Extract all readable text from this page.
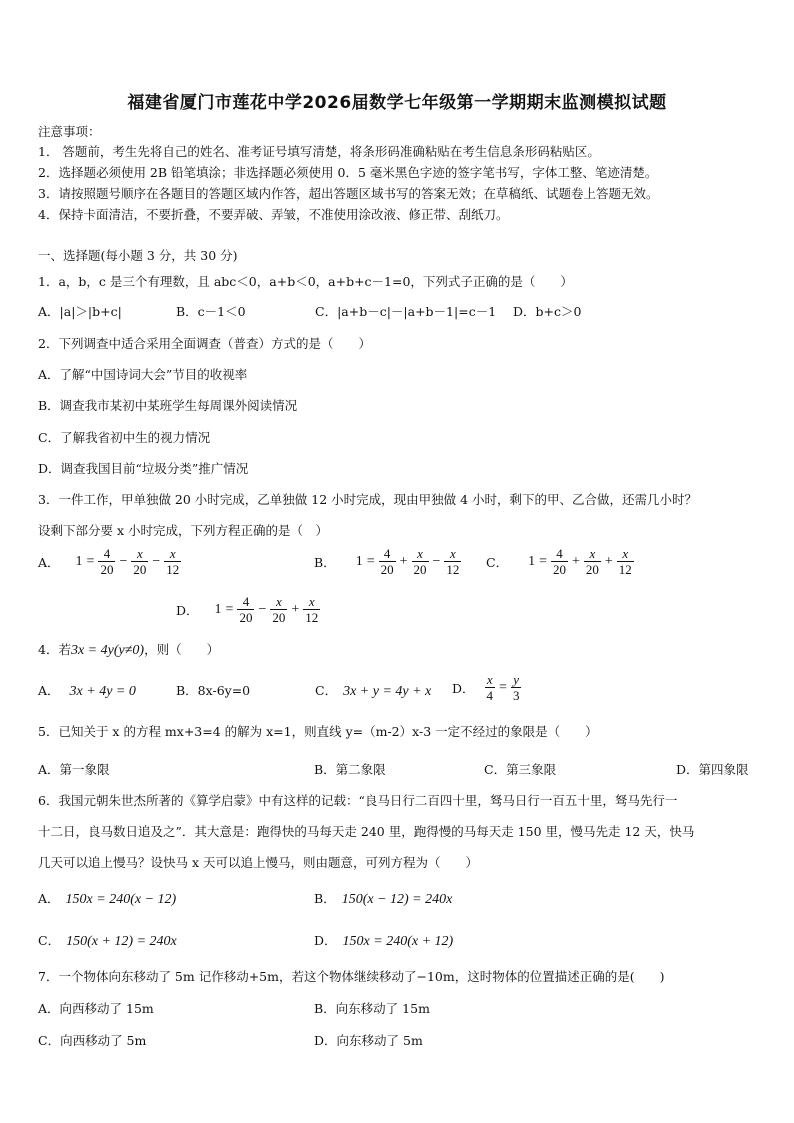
福建省厦门市莲花中学2026届数学七年级第一学期期末监测模拟试题
注意事项：
1． 答题前，考生先将自己的姓名、准考证号填写清楚，将条形码准确粘贴在考生信息条形码粘贴区。
2．选择题必须使用 2B 铅笔填涂；非选择题必须使用 0．5 毫米黑色字迹的签字笔书写，字体工整、笔迹清楚。
3．请按照题号顺序在各题目的答题区域内作答，超出答题区域书写的答案无效；在草稿纸、试题卷上答题无效。
4．保持卡面清洁，不要折叠，不要弄破、弄皱，不准使用涂改液、修正带、刮纸刀。
一、选择题(每小题 3 分，共 30 分)
1．a，b，c 是三个有理数，且 abc＜0，a+b＜0，a+b+c－1=0，下列式子正确的是（　　）
A．|a|＞|b+c|	B．c－1＜0	C．|a+b－c|－|a+b－1|=c－1 D．b+c＞0
2．下列调查中适合采用全面调查（普查）方式的是（　　）
A．了解“中国诗词大会”节目的收视率
B．调查我市某初中某班学生每周课外阅读情况
C．了解我省初中生的视力情况
D．调查我国目前“垃圾分类”推广情况
3．一件工作，甲单独做 20 小时完成，乙单独做 12 小时完成，现由甲独做 4 小时，剩下的甲、乙合做，还需几小时？
设剩下部分要 x 小时完成，下列方程正确的是（　）
A． $1 = \frac{4}{20} - \frac{x}{20} - \frac{x}{12}$	B． $1 = \frac{4}{20} + \frac{x}{20} - \frac{x}{12}$ C． $1 = \frac{4}{20} + \frac{x}{20} + \frac{x}{12}$
D． $1 = \frac{4}{20} - \frac{x}{20} + \frac{x}{12}$
4．若3x = 4y(y≠0)，则（　　）
A． 3x + 4y = 0	B．8x-6y=0	C． 3x + y = 4y + x D． $\frac{x}{4} = \frac{y}{3}$
5．已知关于 x 的方程 mx+3=4 的解为 x=1，则直线 y=（m-2）x-3 一定不经过的象限是（　　）
A．第一象限	B．第二象限	C．第三象限	D．第四象限
6．我国元朝朱世杰所著的《算学启蒙》中有这样的记载：“良马日行二百四十里，驽马日行一百五十里，驽马先行一
十二日，良马数日追及之”．其大意是：跑得快的马每天走 240 里，跑得慢的马每天走 150 里，慢马先走 12 天，快马
几天可以追上慢马？设快马 x 天可以追上慢马，则由题意，可列方程为（　　）
A． 150x = 240(x − 12)	B． 150(x − 12) = 240x
C． 150(x + 12) = 240x	D． 150x = 240(x + 12)
7．一个物体向东移动了 5m 记作移动+5m，若这个物体继续移动了−10m，这时物体的位置描述正确的是(　　)
A．向西移动了 15m	B．向东移动了 15m
C．向西移动了 5m	D．向东移动了 5m
